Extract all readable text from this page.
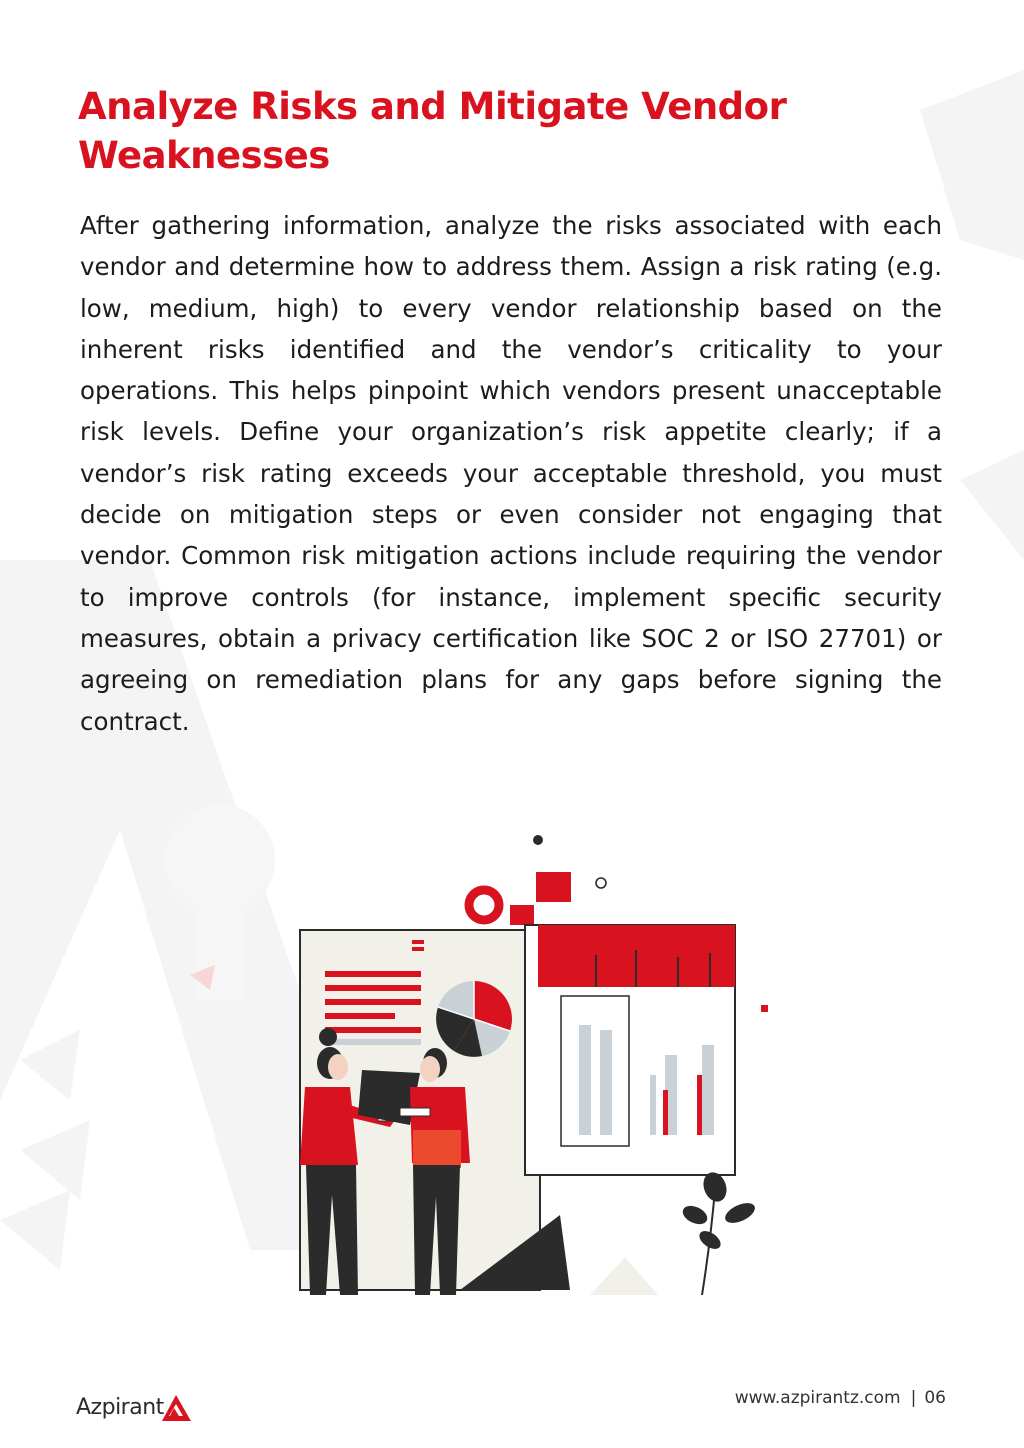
Analyze Risks and Mitigate Vendor Weaknesses

After gathering information, analyze the risks associated with each vendor and determine how to address them. Assign a risk rating (e.g. low, medium, high) to every vendor relationship based on the inherent risks identified and the vendor’s criticality to your operations. This helps pinpoint which vendors present unacceptable risk levels. Define your organization’s risk appetite clearly; if a vendor’s risk rating exceeds your acceptable threshold, you must decide on mitigation steps or even consider not engaging that vendor. Common risk mitigation actions include requiring the vendor to improve controls (for instance, implement specific security measures, obtain a privacy certification like SOC 2 or ISO 27701) or agreeing on remediation plans for any gaps before signing the contract.

Azpirant	www.azpirantz.com | 06
